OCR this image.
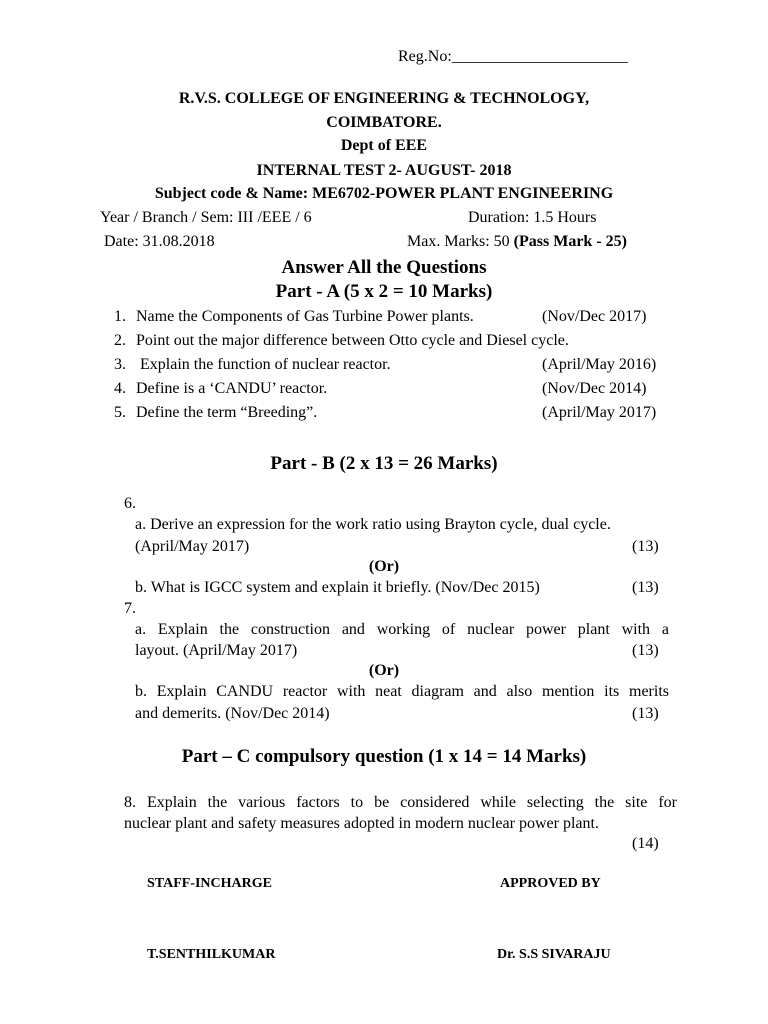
Reg.No:______________________
R.V.S. COLLEGE OF ENGINEERING & TECHNOLOGY,
COIMBATORE.
Dept of EEE
INTERNAL TEST 2- AUGUST- 2018
Subject code & Name: ME6702-POWER PLANT ENGINEERING
Year / Branch / Sem: III /EEE / 6	Duration: 1.5 Hours
Date: 31.08.2018	Max. Marks: 50 (Pass Mark - 25)
Answer All the Questions
Part - A (5 x 2 = 10 Marks)
1. Name the Components of Gas Turbine Power plants.	(Nov/Dec 2017)
2. Point out the major difference between Otto cycle and Diesel cycle.
3. Explain the function of nuclear reactor.	(April/May 2016)
4. Define is a ‘CANDU’ reactor.	(Nov/Dec 2014)
5. Define the term “Breeding”.	(April/May 2017)
Part - B (2 x 13 = 26 Marks)
6.
a. Derive an expression for the work ratio using Brayton cycle, dual cycle.
(April/May 2017)	(13)
(Or)
b. What is IGCC system and explain it briefly. (Nov/Dec 2015)	(13)
7.
a. Explain the construction and working of nuclear power plant with a
layout. (April/May 2017)	(13)
(Or)
b. Explain CANDU reactor with neat diagram and also mention its merits
and demerits. (Nov/Dec 2014)	(13)
Part – C compulsory question (1 x 14 = 14 Marks)
8. Explain the various factors to be considered while selecting the site for
nuclear plant and safety measures adopted in modern nuclear power plant.
(14)
STAFF-INCHARGE	APPROVED BY
T.SENTHILKUMAR	Dr. S.S SIVARAJU
